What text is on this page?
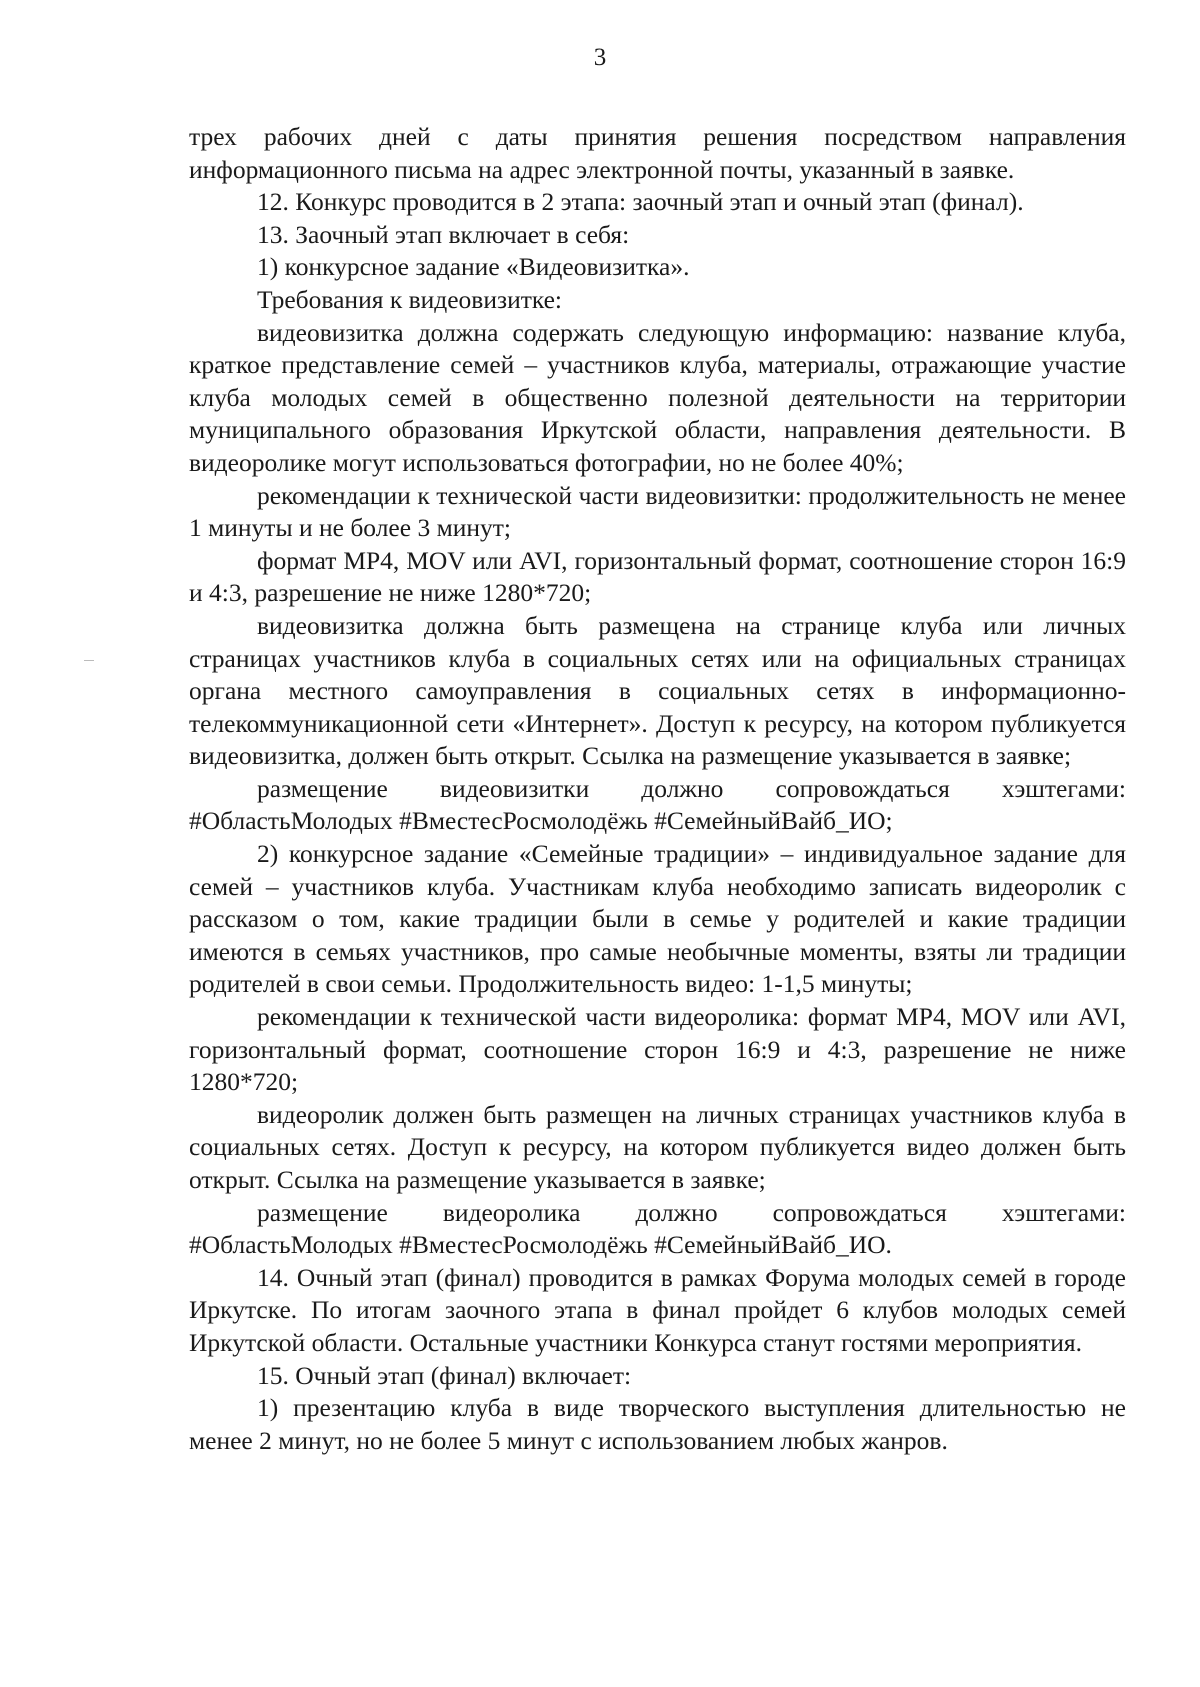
3

трех рабочих дней с даты принятия решения посредством направления информационного письма на адрес электронной почты, указанный в заявке.

12. Конкурс проводится в 2 этапа: заочный этап и очный этап (финал).

13. Заочный этап включает в себя:

1) конкурсное задание «Видеовизитка».

Требования к видеовизитке:

видеовизитка должна содержать следующую информацию: название клуба, краткое представление семей – участников клуба, материалы, отражающие участие клуба молодых семей в общественно полезной деятельности на территории муниципального образования Иркутской области, направления деятельности. В видеоролике могут использоваться фотографии, но не более 40%;

рекомендации к технической части видеовизитки: продолжительность не менее 1 минуты и не более 3 минут;

формат MP4, MOV или AVI, горизонтальный формат, соотношение сторон 16:9 и 4:3, разрешение не ниже 1280*720;

видеовизитка должна быть размещена на странице клуба или личных страницах участников клуба в социальных сетях или на официальных страницах органа местного самоуправления в социальных сетях в информационно-телекоммуникационной сети «Интернет». Доступ к ресурсу, на котором публикуется видеовизитка, должен быть открыт. Ссылка на размещение указывается в заявке;

размещение видеовизитки должно сопровождаться хэштегами: #ОбластьМолодых #ВместесРосмолодёжь #СемейныйВайб_ИО;

2) конкурсное задание «Семейные традиции» – индивидуальное задание для семей – участников клуба. Участникам клуба необходимо записать видеоролик с рассказом о том, какие традиции были в семье у родителей и какие традиции имеются в семьях участников, про самые необычные моменты, взяты ли традиции родителей в свои семьи. Продолжительность видео: 1-1,5 минуты;

рекомендации к технической части видеоролика: формат MP4, MOV или AVI, горизонтальный формат, соотношение сторон 16:9 и 4:3, разрешение не ниже 1280*720;

видеоролик должен быть размещен на личных страницах участников клуба в социальных сетях. Доступ к ресурсу, на котором публикуется видео должен быть открыт. Ссылка на размещение указывается в заявке;

размещение видеоролика должно сопровождаться хэштегами: #ОбластьМолодых #ВместесРосмолодёжь #СемейныйВайб_ИО.

14. Очный этап (финал) проводится в рамках Форума молодых семей в городе Иркутске. По итогам заочного этапа в финал пройдет 6 клубов молодых семей Иркутской области. Остальные участники Конкурса станут гостями мероприятия.

15. Очный этап (финал) включает:

1) презентацию клуба в виде творческого выступления длительностью не менее 2 минут, но не более 5 минут с использованием любых жанров.
